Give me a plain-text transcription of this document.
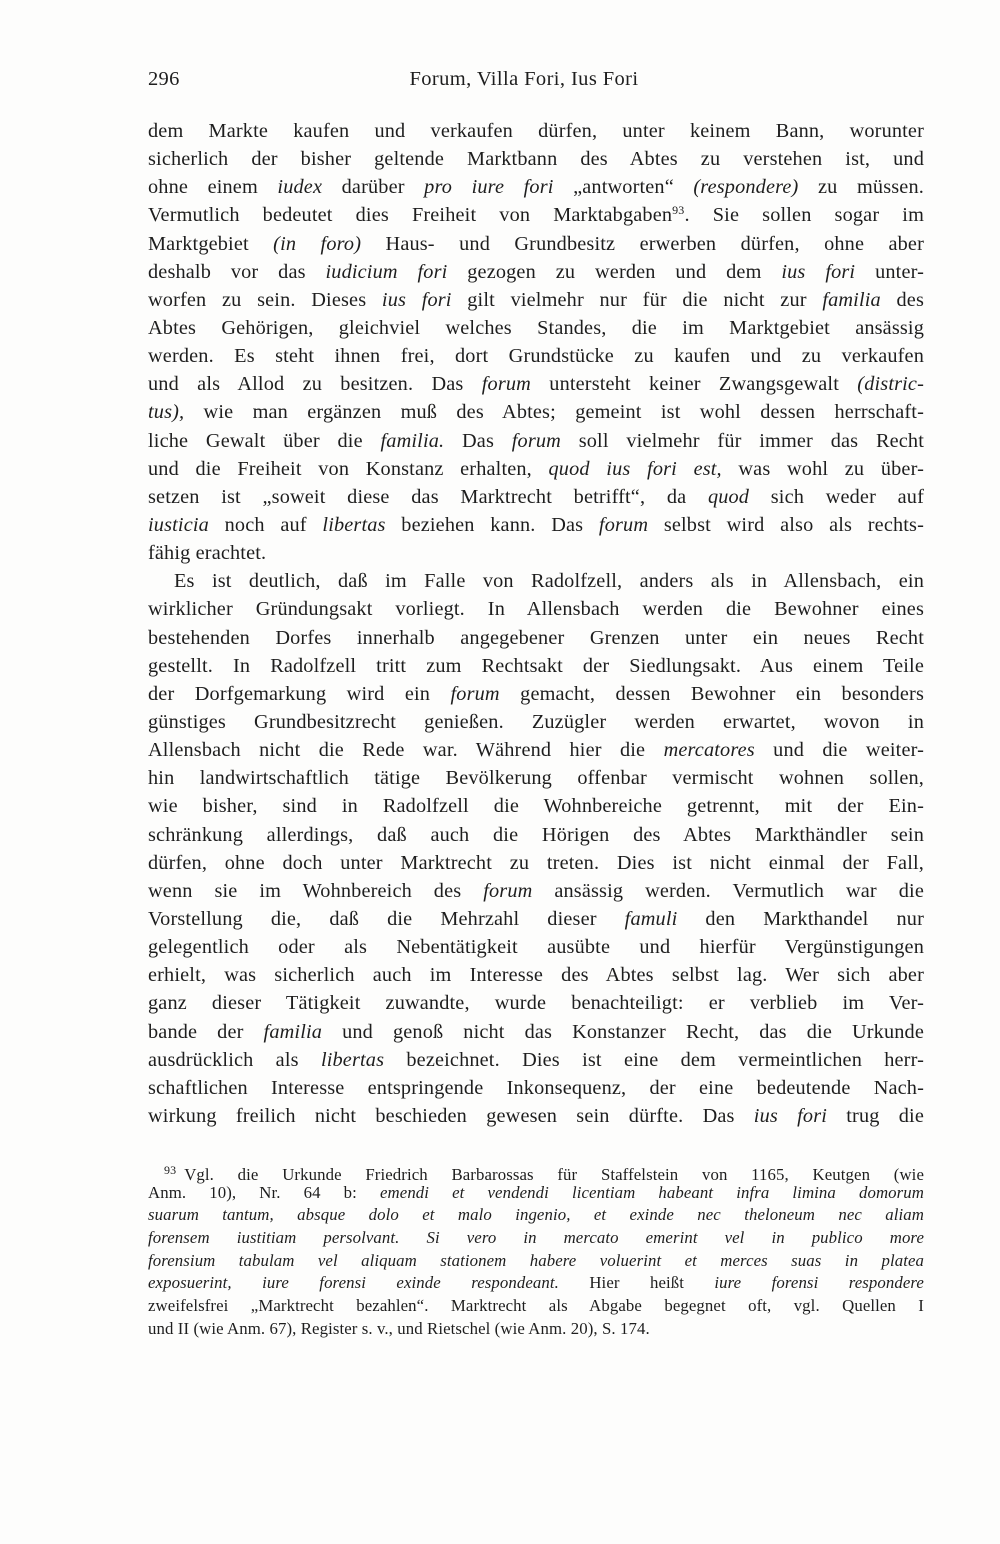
296	Forum, Villa Fori, Ius Fori
dem Markte kaufen und verkaufen dürfen, unter keinem Bann, worunter
sicherlich der bisher geltende Marktbann des Abtes zu verstehen ist, und
ohne einem iudex darüber pro iure fori „antworten“ (respondere) zu müssen.
Vermutlich bedeutet dies Freiheit von Marktabgaben$^{93}$. Sie sollen sogar im
Marktgebiet (in foro) Haus- und Grundbesitz erwerben dürfen, ohne aber
deshalb vor das iudicium fori gezogen zu werden und dem ius fori unter-
worfen zu sein. Dieses ius fori gilt vielmehr nur für die nicht zur familia des
Abtes Gehörigen, gleichviel welches Standes, die im Marktgebiet ansässig
werden. Es steht ihnen frei, dort Grundstücke zu kaufen und zu verkaufen
und als Allod zu besitzen. Das forum untersteht keiner Zwangsgewalt (distric-
tus), wie man ergänzen muß des Abtes; gemeint ist wohl dessen herrschaft-
liche Gewalt über die familia. Das forum soll vielmehr für immer das Recht
und die Freiheit von Konstanz erhalten, quod ius fori est, was wohl zu über-
setzen ist „soweit diese das Marktrecht betrifft“, da quod sich weder auf
iusticia noch auf libertas beziehen kann. Das forum selbst wird also als rechts-
fähig erachtet.
Es ist deutlich, daß im Falle von Radolfzell, anders als in Allensbach, ein
wirklicher Gründungsakt vorliegt. In Allensbach werden die Bewohner eines
bestehenden Dorfes innerhalb angegebener Grenzen unter ein neues Recht
gestellt. In Radolfzell tritt zum Rechtsakt der Siedlungsakt. Aus einem Teile
der Dorfgemarkung wird ein forum gemacht, dessen Bewohner ein besonders
günstiges Grundbesitzrecht genießen. Zuzügler werden erwartet, wovon in
Allensbach nicht die Rede war. Während hier die mercatores und die weiter-
hin landwirtschaftlich tätige Bevölkerung offenbar vermischt wohnen sollen,
wie bisher, sind in Radolfzell die Wohnbereiche getrennt, mit der Ein-
schränkung allerdings, daß auch die Hörigen des Abtes Markthändler sein
dürfen, ohne doch unter Marktrecht zu treten. Dies ist nicht einmal der Fall,
wenn sie im Wohnbereich des forum ansässig werden. Vermutlich war die
Vorstellung die, daß die Mehrzahl dieser famuli den Markthandel nur
gelegentlich oder als Nebentätigkeit ausübte und hierfür Vergünstigungen
erhielt, was sicherlich auch im Interesse des Abtes selbst lag. Wer sich aber
ganz dieser Tätigkeit zuwandte, wurde benachteiligt: er verblieb im Ver-
bande der familia und genoß nicht das Konstanzer Recht, das die Urkunde
ausdrücklich als libertas bezeichnet. Dies ist eine dem vermeintlichen herr-
schaftlichen Interesse entspringende Inkonsequenz, der eine bedeutende Nach-
wirkung freilich nicht beschieden gewesen sein dürfte. Das ius fori trug die
$^{93}$ Vgl. die Urkunde Friedrich Barbarossas für Staffelstein von 1165, Keutgen (wie
Anm. 10), Nr. 64 b: emendi et vendendi licentiam habeant infra limina domorum
suarum tantum, absque dolo et malo ingenio, et exinde nec theloneum nec aliam
forensem iustitiam persolvant. Si vero in mercato emerint vel in publico more
forensium tabulam vel aliquam stationem habere voluerint et merces suas in platea
exposuerint, iure forensi exinde respondeant. Hier heißt iure forensi respondere
zweifelsfrei „Marktrecht bezahlen“. Marktrecht als Abgabe begegnet oft, vgl. Quellen I
und II (wie Anm. 67), Register s. v., und Rietschel (wie Anm. 20), S. 174.
